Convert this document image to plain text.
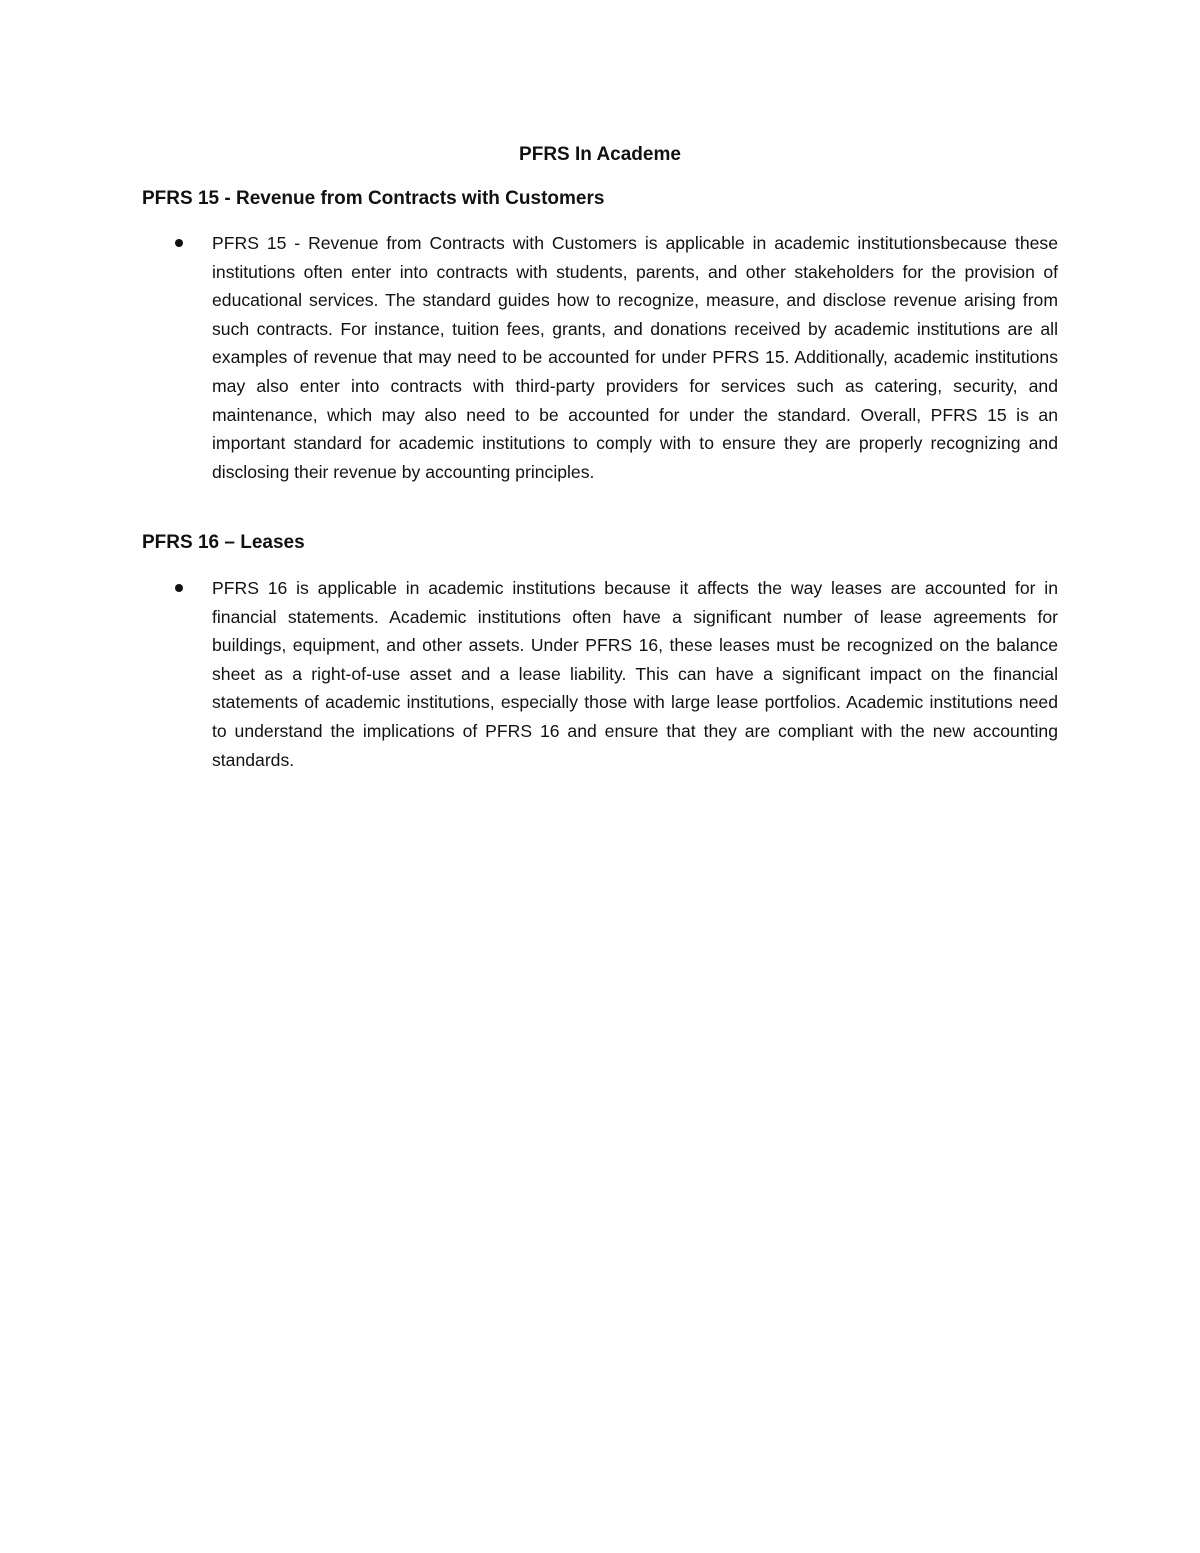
PFRS In Academe
PFRS 15 - Revenue from Contracts with Customers

PFRS 15 - Revenue from Contracts with Customers is applicable in academic institutionsbecause these institutions often enter into contracts with students, parents, and other stakeholders for the provision of educational services. The standard guides how to recognize, measure, and disclose revenue arising from such contracts. For instance, tuition fees, grants, and donations received by academic institutions are all examples of revenue that may need to be accounted for under PFRS 15. Additionally, academic institutions may also enter into contracts with third-party providers for services such as catering, security, and maintenance, which may also need to be accounted for under the standard. Overall, PFRS 15 is an important standard for academic institutions to comply with to ensure they are properly recognizing and disclosing their revenue by accounting principles.

PFRS 16 – Leases

PFRS 16 is applicable in academic institutions because it affects the way leases are accounted for in financial statements. Academic institutions often have a significant number of lease agreements for buildings, equipment, and other assets. Under PFRS 16, these leases must be recognized on the balance sheet as a right-of-use asset and a lease liability. This can have a significant impact on the financial statements of academic institutions, especially those with large lease portfolios. Academic institutions need to understand the implications of PFRS 16 and ensure that they are compliant with the new accounting standards.
